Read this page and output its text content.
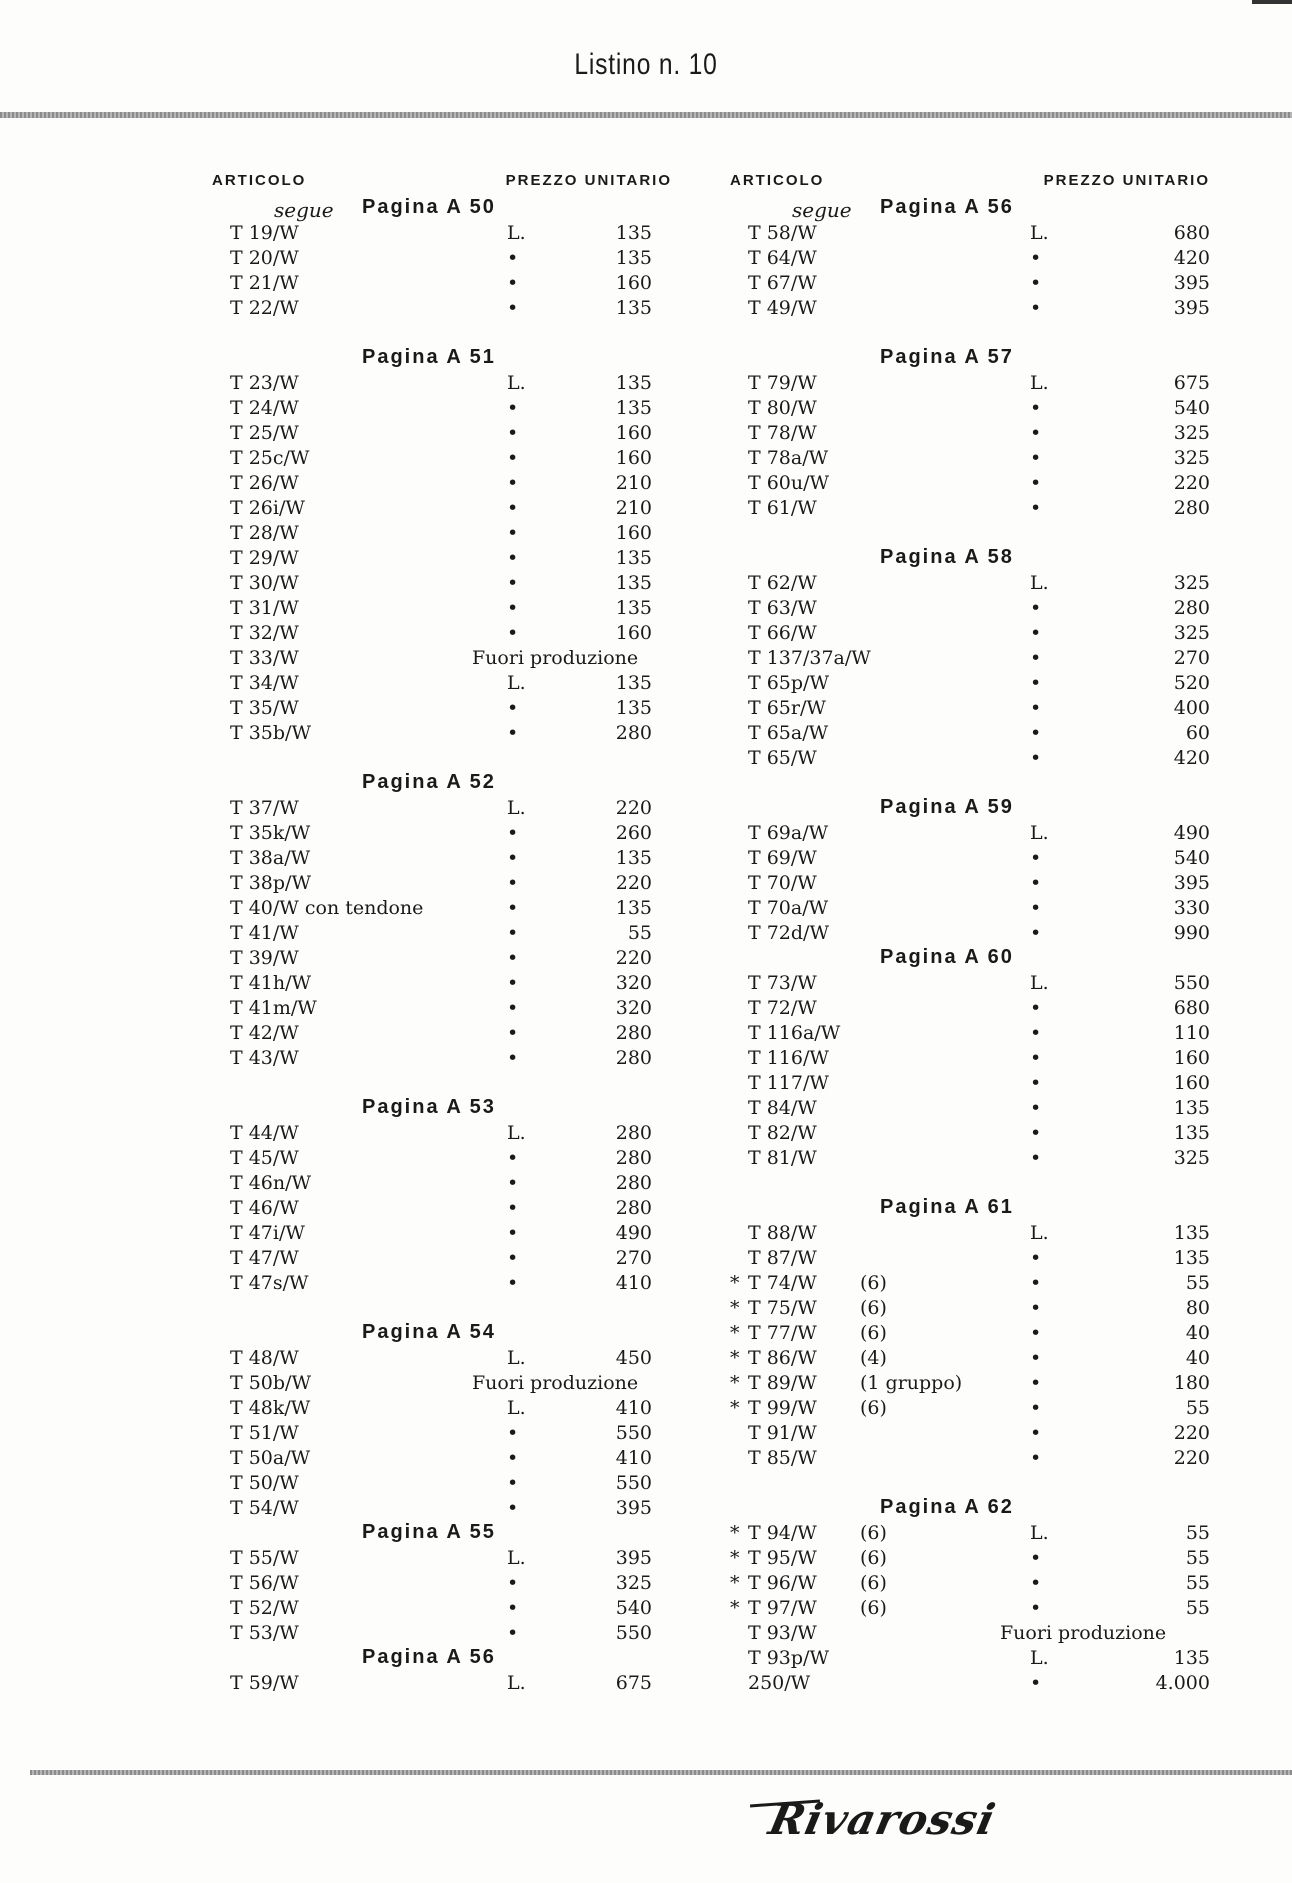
Listino n. 10
ARTICOLO	PREZZO UNITARIO
segue Pagina A 50
T 19/W	L.	135
T 20/W	•	135
T 21/W	•	160
T 22/W	•	135
Pagina A 51
T 23/W	L.	135
T 24/W	•	135
T 25/W	•	160
T 25c/W	•	160
T 26/W	•	210
T 26i/W	•	210
T 28/W	•	160
T 29/W	•	135
T 30/W	•	135
T 31/W	•	135
T 32/W	•	160
T 33/W	Fuori produzione
T 34/W	L.	135
T 35/W	•	135
T 35b/W	•	280
Pagina A 52
T 37/W	L.	220
T 35k/W	•	260
T 38a/W	•	135
T 38p/W	•	220
T 40/W con tendone	•	135
T 41/W	•	55
T 39/W	•	220
T 41h/W	•	320
T 41m/W	•	320
T 42/W	•	280
T 43/W	•	280
Pagina A 53
T 44/W	L.	280
T 45/W	•	280
T 46n/W	•	280
T 46/W	•	280
T 47i/W	•	490
T 47/W	•	270
T 47s/W	•	410
Pagina A 54
T 48/W	L.	450
T 50b/W	Fuori produzione
T 48k/W	L.	410
T 51/W	•	550
T 50a/W	•	410
T 50/W	•	550
T 54/W	•	395
Pagina A 55
T 55/W	L.	395
T 56/W	•	325
T 52/W	•	540
T 53/W	•	550
Pagina A 56
T 59/W	L.	675
ARTICOLO	PREZZO UNITARIO
segue Pagina A 56
T 58/W	L.	680
T 64/W	•	420
T 67/W	•	395
T 49/W	•	395
Pagina A 57
T 79/W	L.	675
T 80/W	•	540
T 78/W	•	325
T 78a/W	•	325
T 60u/W	•	220
T 61/W	•	280
Pagina A 58
T 62/W	L.	325
T 63/W	•	280
T 66/W	•	325
T 137/37a/W	•	270
T 65p/W	•	520
T 65r/W	•	400
T 65a/W	•	60
T 65/W	•	420
Pagina A 59
T 69a/W	L.	490
T 69/W	•	540
T 70/W	•	395
T 70a/W	•	330
T 72d/W	•	990
Pagina A 60
T 73/W	L.	550
T 72/W	•	680
T 116a/W	•	110
T 116/W	•	160
T 117/W	•	160
T 84/W	•	135
T 82/W	•	135
T 81/W	•	325
Pagina A 61
T 88/W	L.	135
T 87/W	•	135
* T 74/W (6)	•	55
* T 75/W (6)	•	80
* T 77/W (6)	•	40
* T 86/W (4)	•	40
* T 89/W (1 gruppo)	•	180
* T 99/W (6)	•	55
T 91/W	•	220
T 85/W	•	220
Pagina A 62
* T 94/W (6)	L.	55
* T 95/W (6)	•	55
* T 96/W (6)	•	55
* T 97/W (6)	•	55
T 93/W	Fuori produzione
T 93p/W	L.	135
250/W	•	4.000
Rivarossi
